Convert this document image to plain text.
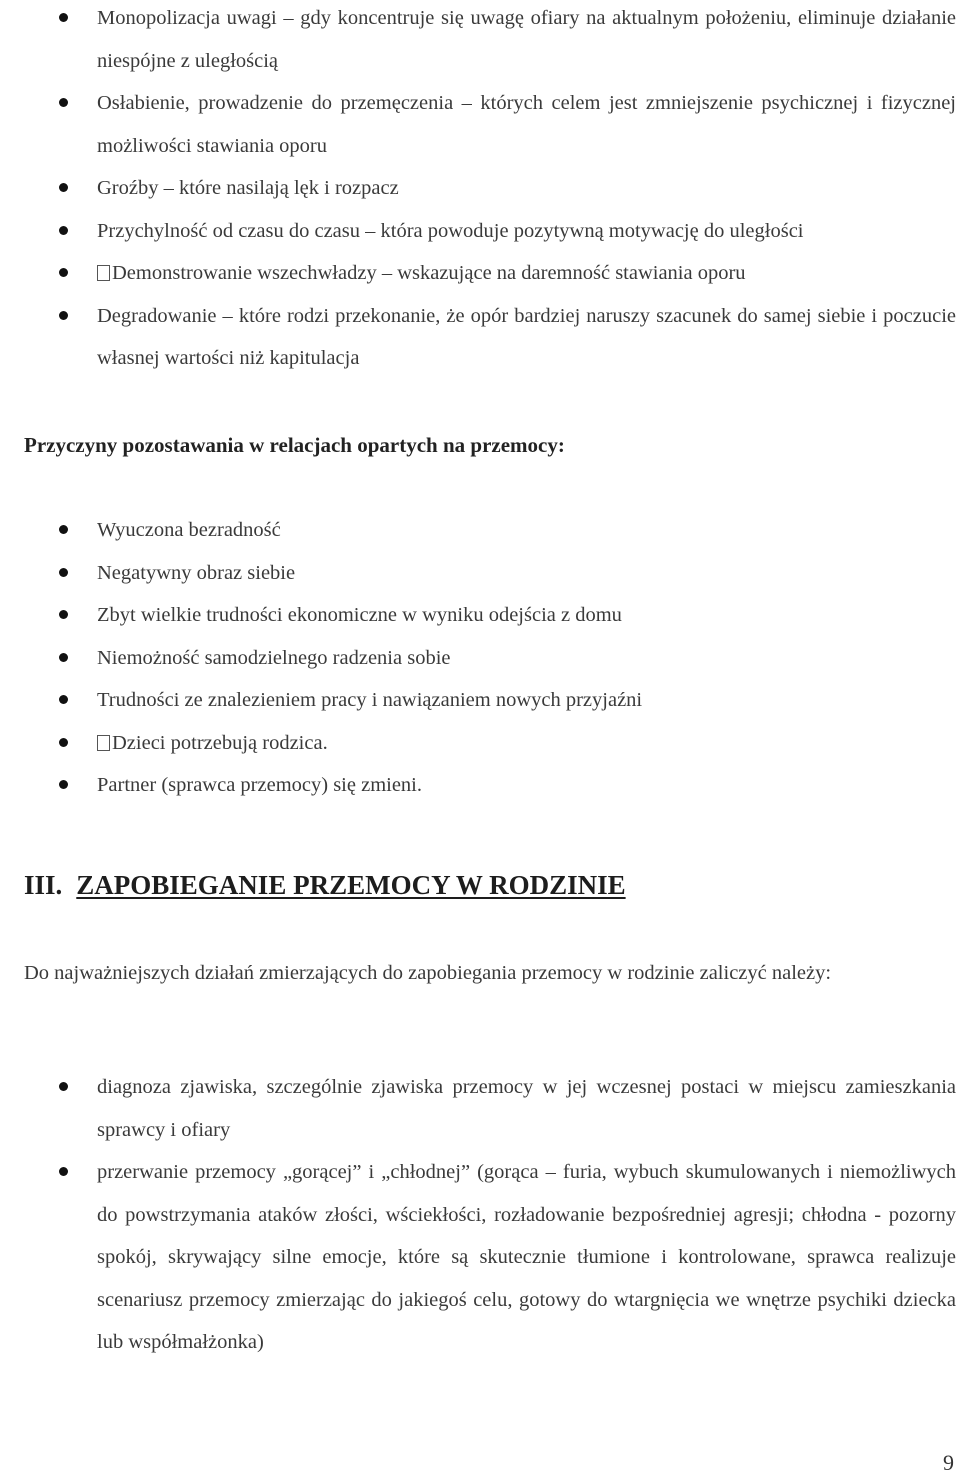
Monopolizacja uwagi – gdy koncentruje się uwagę ofiary na aktualnym położeniu, eliminuje działanie niespójne z uległością
Osłabienie, prowadzenie do przemęczenia – których celem jest zmniejszenie psychicznej i fizycznej możliwości stawiania oporu
Groźby – które nasilają lęk i rozpacz
Przychylność od czasu do czasu – która powoduje pozytywną motywację do uległości
Demonstrowanie wszechwładzy – wskazujące na daremność stawiania oporu
Degradowanie – które rodzi przekonanie, że opór bardziej naruszy szacunek do samej siebie i poczucie własnej wartości niż kapitulacja
Przyczyny pozostawania w relacjach opartych na przemocy:
Wyuczona bezradność
Negatywny obraz siebie
Zbyt wielkie trudności ekonomiczne w wyniku odejścia z domu
Niemożność samodzielnego radzenia sobie
Trudności ze znalezieniem pracy i nawiązaniem nowych przyjaźni
Dzieci potrzebują rodzica.
Partner (sprawca przemocy) się zmieni.
III. ZAPOBIEGANIE PRZEMOCY W RODZINIE

Do najważniejszych działań zmierzających do zapobiegania przemocy w rodzinie zaliczyć należy:

diagnoza zjawiska, szczególnie zjawiska przemocy w jej wczesnej postaci w miejscu zamieszkania sprawcy i ofiary
przerwanie przemocy „gorącej” i „chłodnej” (gorąca – furia, wybuch skumulowanych i niemożliwych do powstrzymania ataków złości, wściekłości, rozładowanie bezpośredniej agresji; chłodna - pozorny spokój, skrywający silne emocje, które są skutecznie tłumione i kontrolowane, sprawca realizuje scenariusz przemocy zmierzając do jakiegoś celu, gotowy do wtargnięcia we wnętrze psychiki dziecka lub współmałżonka)
9
